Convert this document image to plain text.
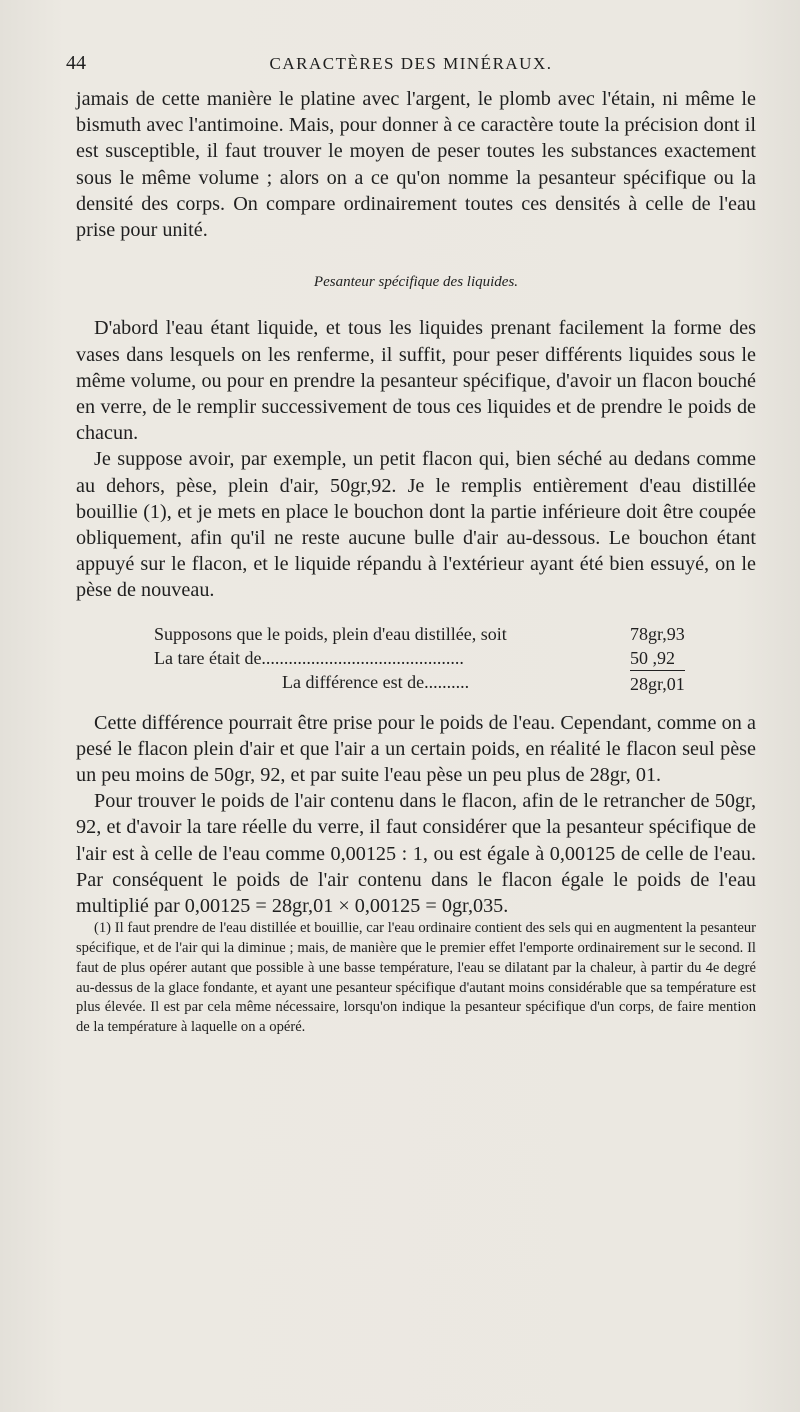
44	CARACTÈRES DES MINÉRAUX.

jamais de cette manière le platine avec l'argent, le plomb avec l'étain, ni même le bismuth avec l'antimoine. Mais, pour donner à ce caractère toute la précision dont il est susceptible, il faut trouver le moyen de peser toutes les substances exactement sous le même volume ; alors on a ce qu'on nomme la pesanteur spécifique ou la densité des corps. On compare ordinairement toutes ces densités à celle de l'eau prise pour unité.

Pesanteur spécifique des liquides.

D'abord l'eau étant liquide, et tous les liquides prenant facilement la forme des vases dans lesquels on les renferme, il suffit, pour peser différents liquides sous le même volume, ou pour en prendre la pesanteur spécifique, d'avoir un flacon bouché en verre, de le remplir successivement de tous ces liquides et de prendre le poids de chacun.

Je suppose avoir, par exemple, un petit flacon qui, bien séché au dedans comme au dehors, pèse, plein d'air, 50gr,92. Je le remplis entièrement d'eau distillée bouillie (1), et je mets en place le bouchon dont la partie inférieure doit être coupée obliquement, afin qu'il ne reste aucune bulle d'air au-dessous. Le bouchon étant appuyé sur le flacon, et le liquide répandu à l'extérieur ayant été bien essuyé, on le pèse de nouveau.

Supposons que le poids, plein d'eau distillée, soit	78gr,93
La tare était de.............................................	50 ,92
La différence est de..........	28gr,01

Cette différence pourrait être prise pour le poids de l'eau. Cependant, comme on a pesé le flacon plein d'air et que l'air a un certain poids, en réalité le flacon seul pèse un peu moins de 50gr, 92, et par suite l'eau pèse un peu plus de 28gr, 01.

Pour trouver le poids de l'air contenu dans le flacon, afin de le retrancher de 50gr, 92, et d'avoir la tare réelle du verre, il faut considérer que la pesanteur spécifique de l'air est à celle de l'eau comme 0,00125 : 1, ou est égale à 0,00125 de celle de l'eau. Par conséquent le poids de l'air contenu dans le flacon égale le poids de l'eau multiplié par 0,00125 = 28gr,01 × 0,00125 = 0gr,035.

(1) Il faut prendre de l'eau distillée et bouillie, car l'eau ordinaire contient des sels qui en augmentent la pesanteur spécifique, et de l'air qui la diminue ; mais, de manière que le premier effet l'emporte ordinairement sur le second. Il faut de plus opérer autant que possible à une basse température, l'eau se dilatant par la chaleur, à partir du 4e degré au-dessus de la glace fondante, et ayant une pesanteur spécifique d'autant moins considérable que sa température est plus élevée. Il est par cela même nécessaire, lorsqu'on indique la pesanteur spécifique d'un corps, de faire mention de la température à laquelle on a opéré.
